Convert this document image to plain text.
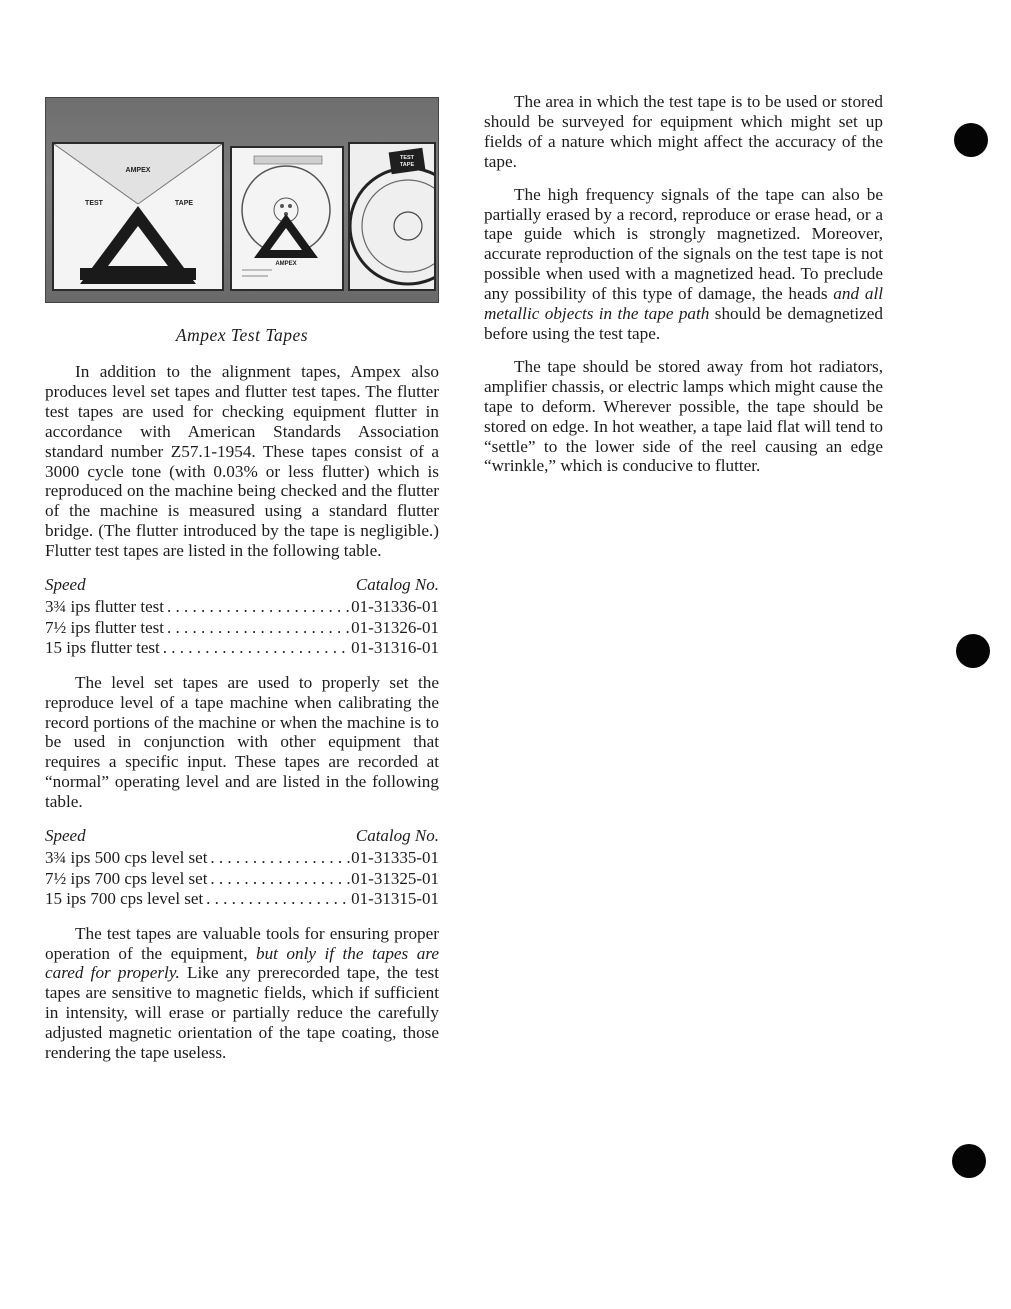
AMPEX
TEST	TAPE
AMPEX
TEST
TAPE
Ampex Test Tapes

In addition to the alignment tapes, Ampex also produces level set tapes and flutter test tapes. The flutter test tapes are used for checking equipment flutter in accordance with American Standards Association standard number Z57.1-1954. These tapes consist of a 3000 cycle tone (with 0.03% or less flutter) which is reproduced on the machine being checked and the flutter of the machine is measured using a standard flutter bridge. (The flutter introduced by the tape is negligible.) Flutter test tapes are listed in the following table.

Speed	Catalog No.
3¾ ips flutter test . . .	01-31336-01
7½ ips flutter test . . .	01-31326-01
15 ips flutter test . . .	01-31316-01

The level set tapes are used to properly set the reproduce level of a tape machine when calibrating the record portions of the machine or when the machine is to be used in conjunction with other equipment that requires a specific input. These tapes are recorded at “normal” operating level and are listed in the following table.

Speed	Catalog No.
3¾ ips 500 cps level set . . .	01-31335-01
7½ ips 700 cps level set . . .	01-31325-01
15 ips 700 cps level set . . .	01-31315-01

The test tapes are valuable tools for ensuring proper operation of the equipment, but only if the tapes are cared for properly. Like any prerecorded tape, the test tapes are sensitive to magnetic fields, which if sufficient in intensity, will erase or partially reduce the carefully adjusted magnetic orientation of the tape coating, those rendering the tape useless.

The area in which the test tape is to be used or stored should be surveyed for equipment which might set up fields of a nature which might affect the accuracy of the tape.

The high frequency signals of the tape can also be partially erased by a record, reproduce or erase head, or a tape guide which is strongly magnetized. Moreover, accurate reproduction of the signals on the test tape is not possible when used with a magnetized head. To preclude any possibility of this type of damage, the heads and all metallic objects in the tape path should be demagnetized before using the test tape.

The tape should be stored away from hot radiators, amplifier chassis, or electric lamps which might cause the tape to deform. Wherever possible, the tape should be stored on edge. In hot weather, a tape laid flat will tend to “settle” to the lower side of the reel causing an edge “wrinkle,” which is conducive to flutter.
